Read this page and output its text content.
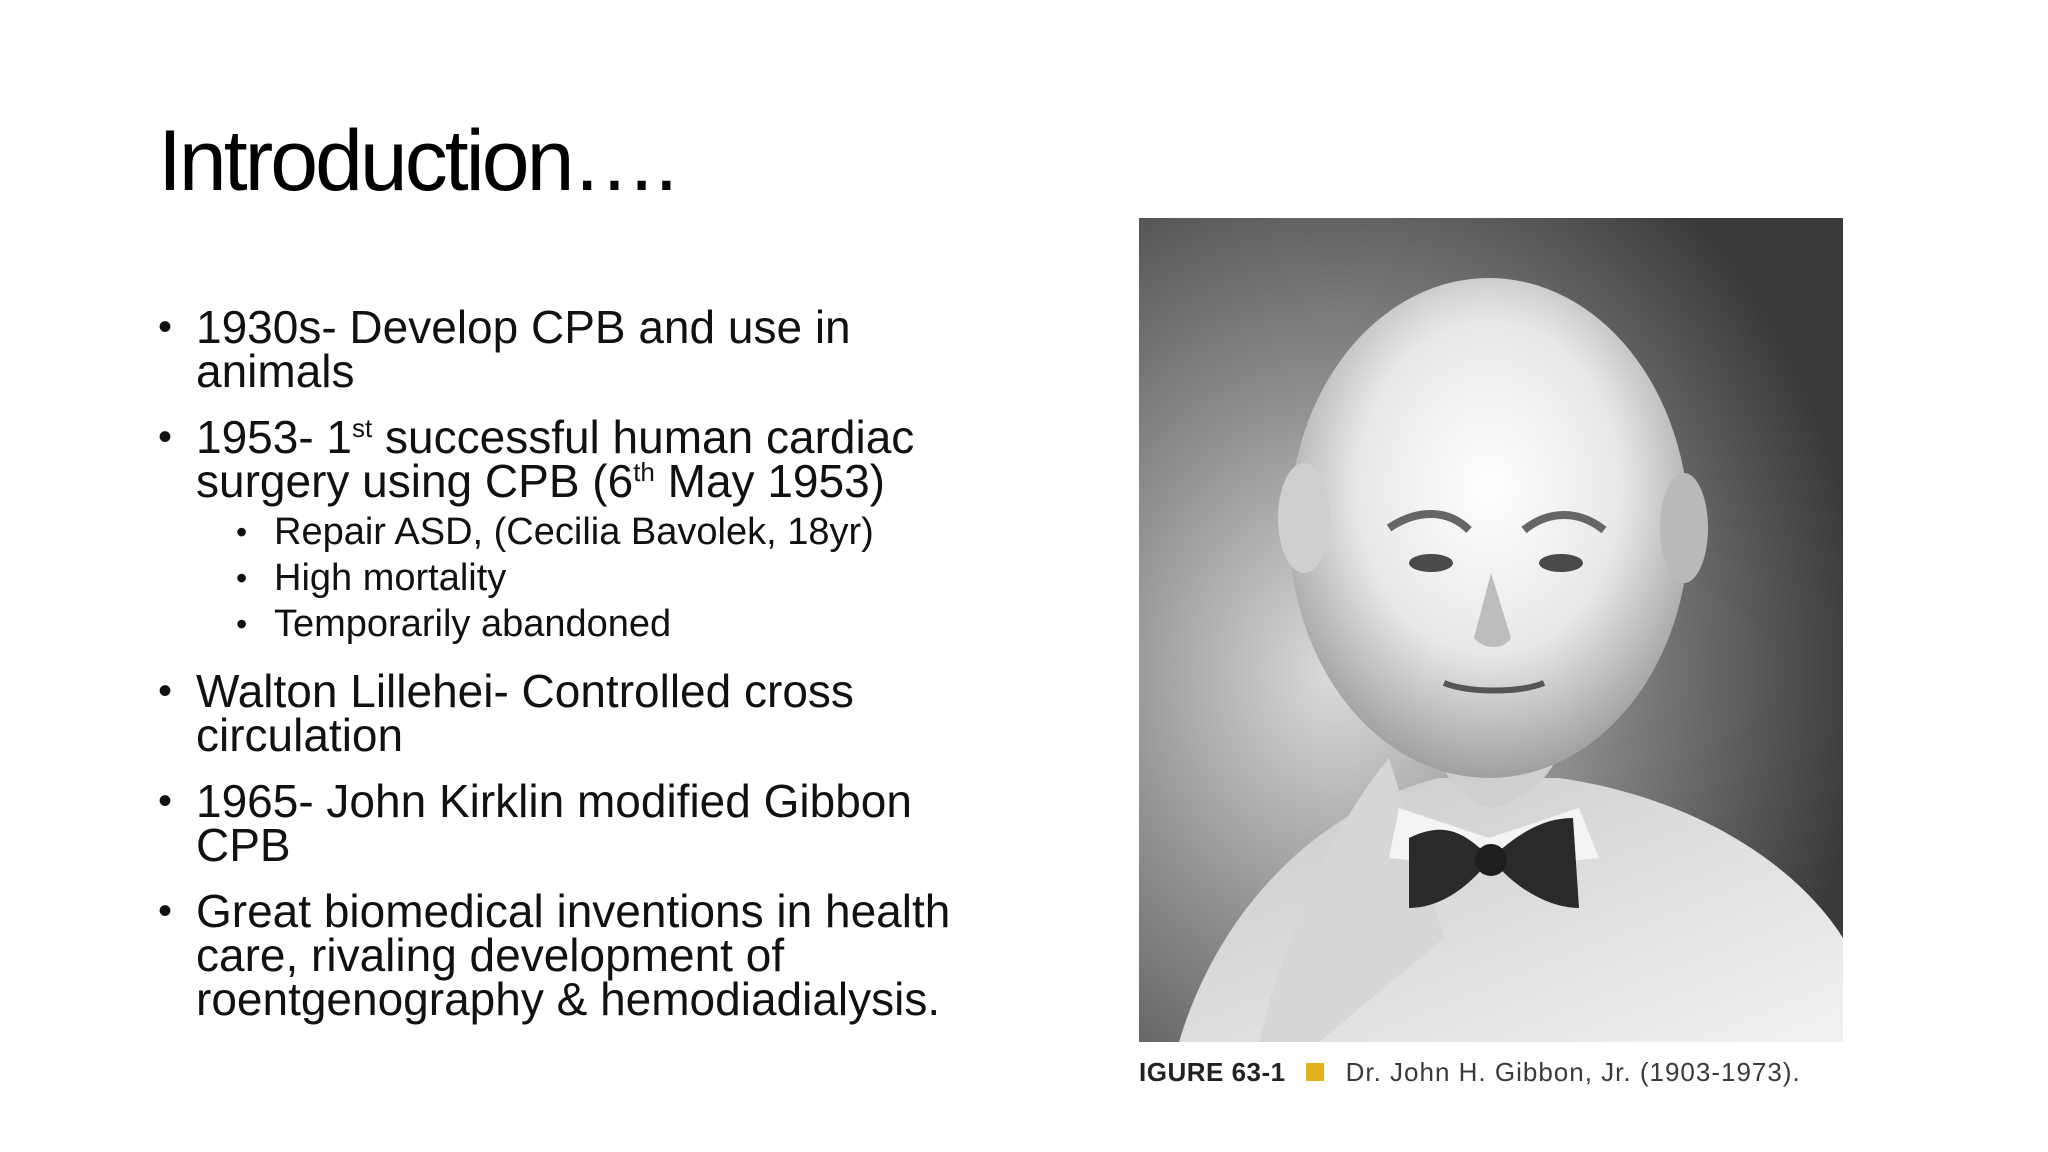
Introduction….
• 1930s- Develop CPB and use in animals
• 1953- 1st successful human cardiac surgery using CPB (6th May 1953)
• Repair ASD, (Cecilia Bavolek, 18yr)
• High mortality
• Temporarily abandoned
• Walton Lillehei- Controlled cross circulation
• 1965- John Kirklin modified Gibbon CPB
• Great biomedical inventions in health care, rivaling development of roentgenography & hemodiadialysis.
IGURE 63-1 Dr. John H. Gibbon, Jr. (1903-1973).
